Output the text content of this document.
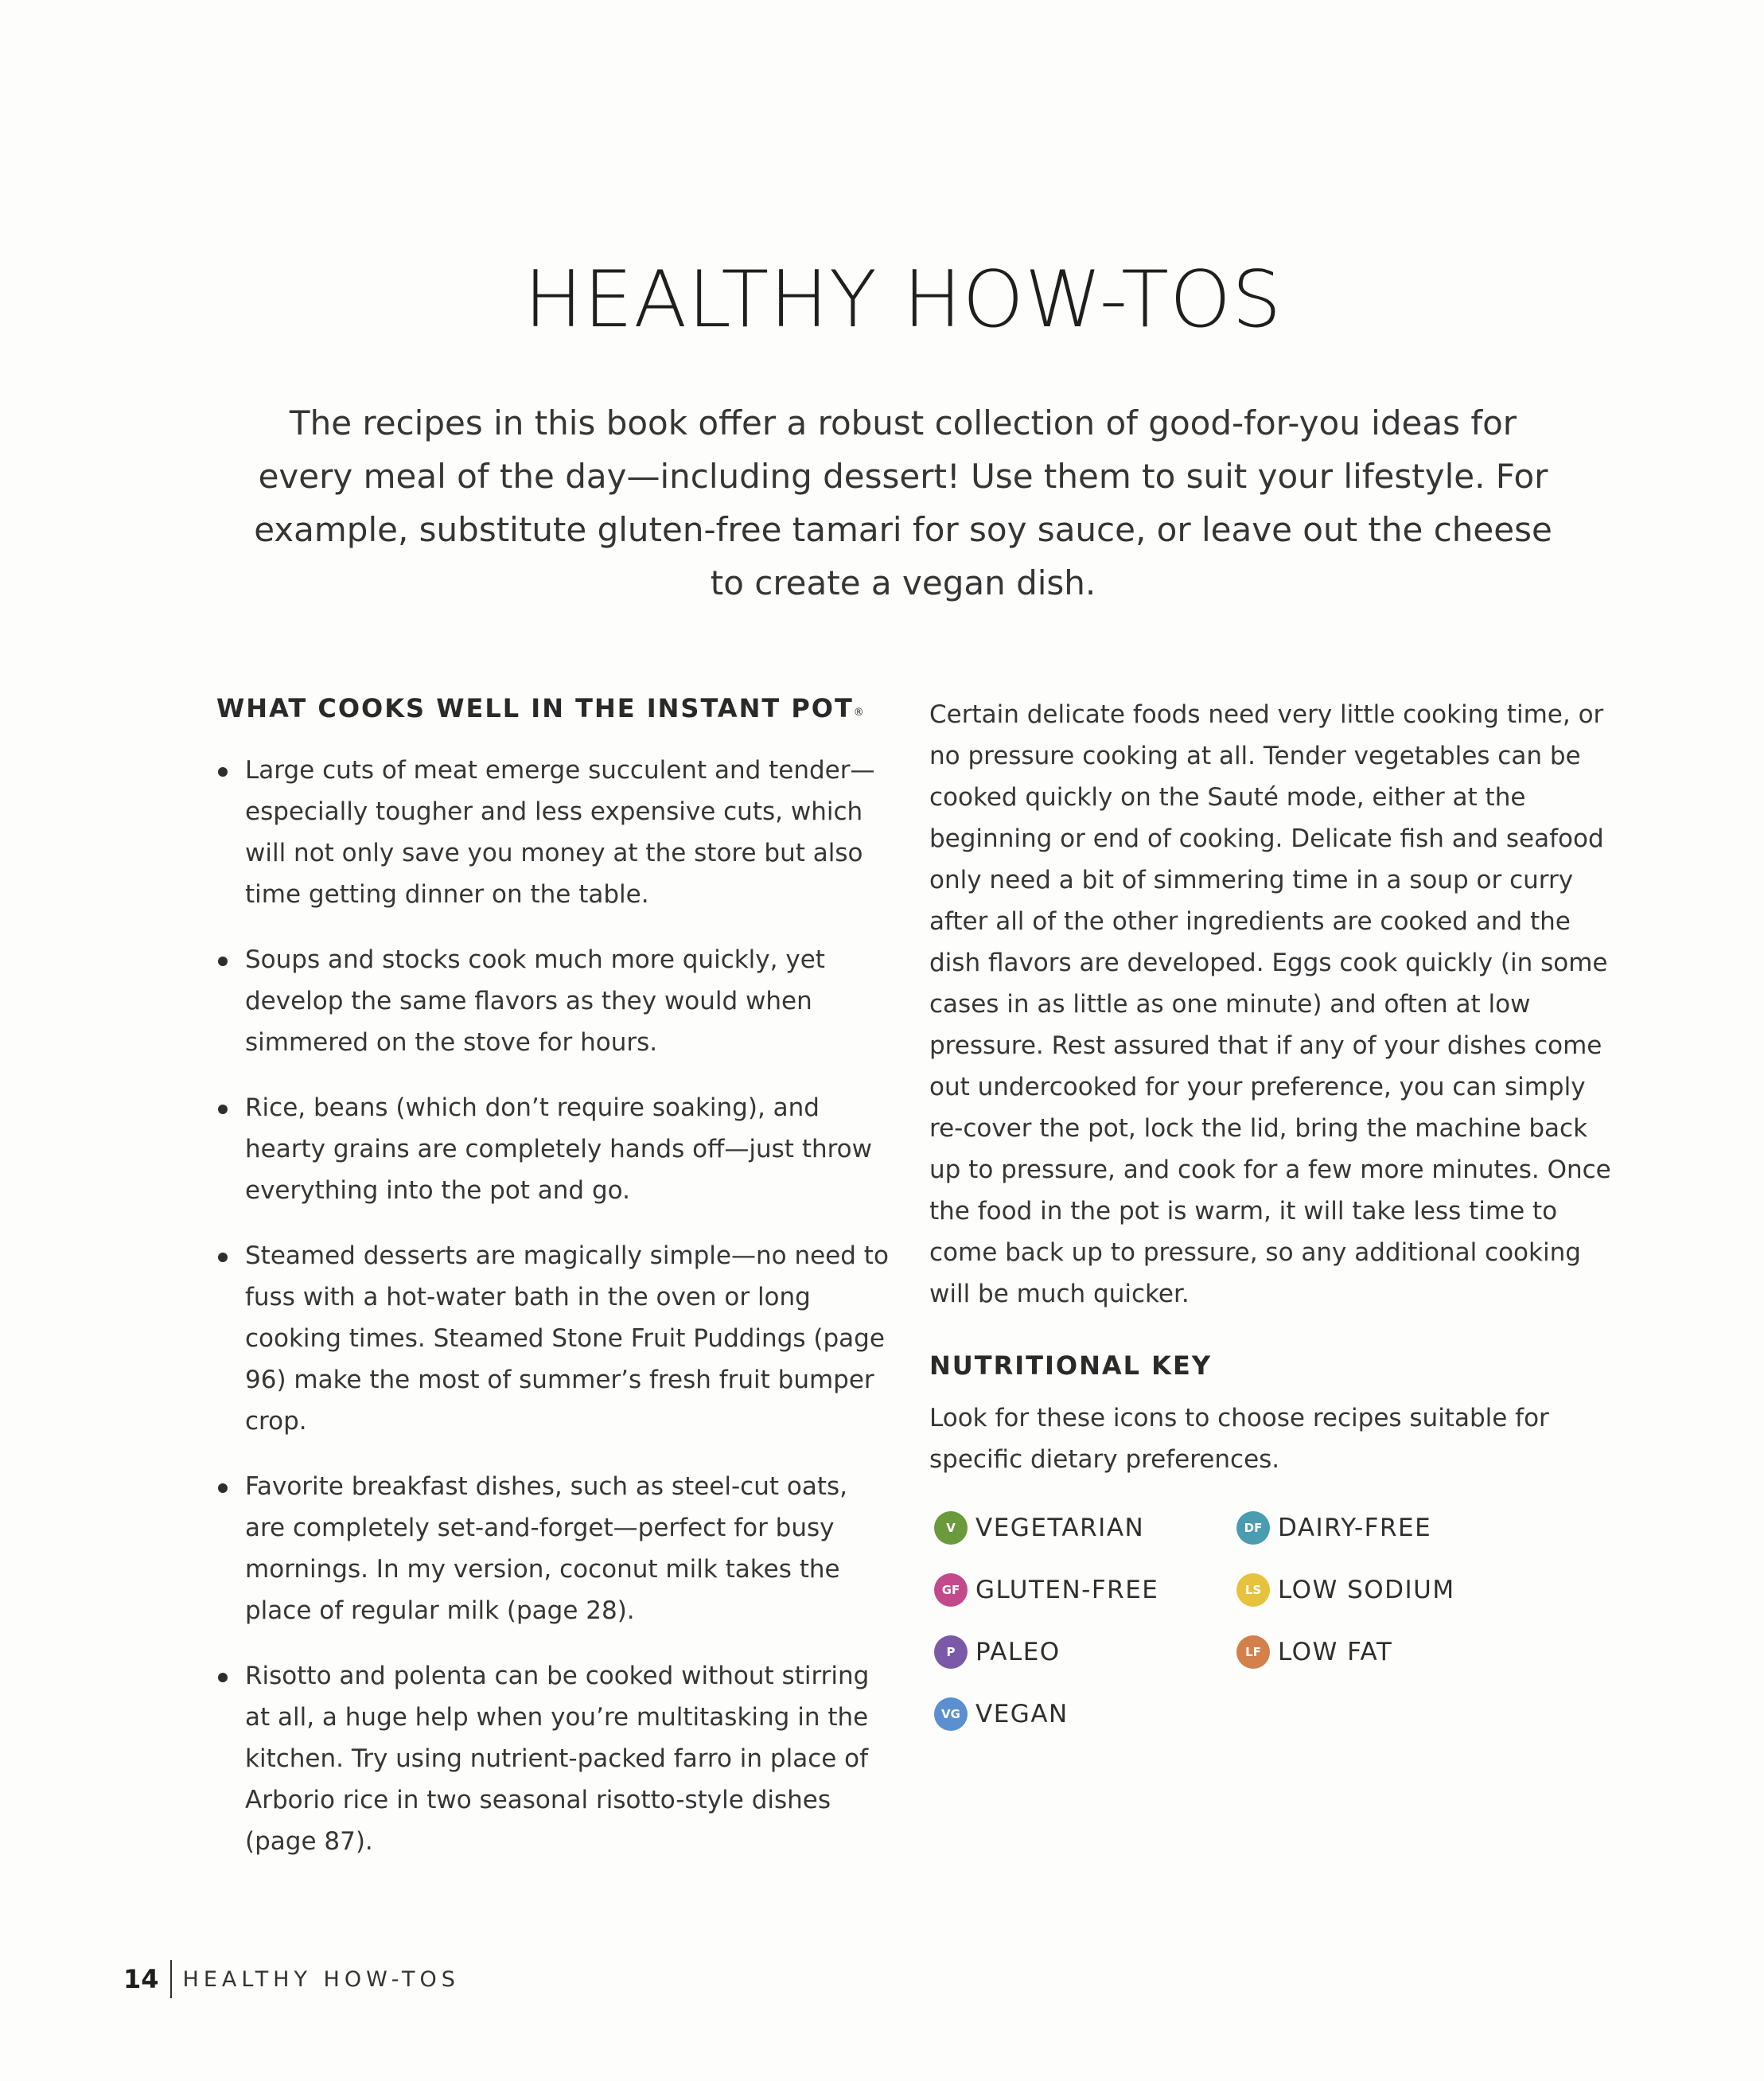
HEALTHY HOW-TOS

The recipes in this book offer a robust collection of good-for-you ideas for every meal of the day—including dessert! Use them to suit your lifestyle. For example, substitute gluten-free tamari for soy sauce, or leave out the cheese to create a vegan dish.

WHAT COOKS WELL IN THE INSTANT POT®
Large cuts of meat emerge succulent and tender—especially tougher and less expensive cuts, which will not only save you money at the store but also time getting dinner on the table.
Soups and stocks cook much more quickly, yet develop the same flavors as they would when simmered on the stove for hours.
Rice, beans (which don’t require soaking), and hearty grains are completely hands off—just throw everything into the pot and go.
Steamed desserts are magically simple—no need to fuss with a hot-water bath in the oven or long cooking times. Steamed Stone Fruit Puddings (page 96) make the most of summer’s fresh fruit bumper crop.
Favorite breakfast dishes, such as steel-cut oats, are completely set-and-forget—perfect for busy mornings. In my version, coconut milk takes the place of regular milk (page 28).
Risotto and polenta can be cooked without stirring at all, a huge help when you’re multitasking in the kitchen. Try using nutrient-packed farro in place of Arborio rice in two seasonal risotto-style dishes (page 87).

Certain delicate foods need very little cooking time, or no pressure cooking at all. Tender vegetables can be cooked quickly on the Sauté mode, either at the beginning or end of cooking. Delicate fish and seafood only need a bit of simmering time in a soup or curry after all of the other ingredients are cooked and the dish flavors are developed. Eggs cook quickly (in some cases in as little as one minute) and often at low pressure. Rest assured that if any of your dishes come out undercooked for your preference, you can simply re-cover the pot, lock the lid, bring the machine back up to pressure, and cook for a few more minutes. Once the food in the pot is warm, it will take less time to come back up to pressure, so any additional cooking will be much quicker.

NUTRITIONAL KEY

Look for these icons to choose recipes suitable for specific dietary preferences.

V VEGETARIAN	DF DAIRY-FREE
GF GLUTEN-FREE	LS LOW SODIUM
P PALEO	LF LOW FAT
VG VEGAN
14 HEALTHY HOW-TOS
